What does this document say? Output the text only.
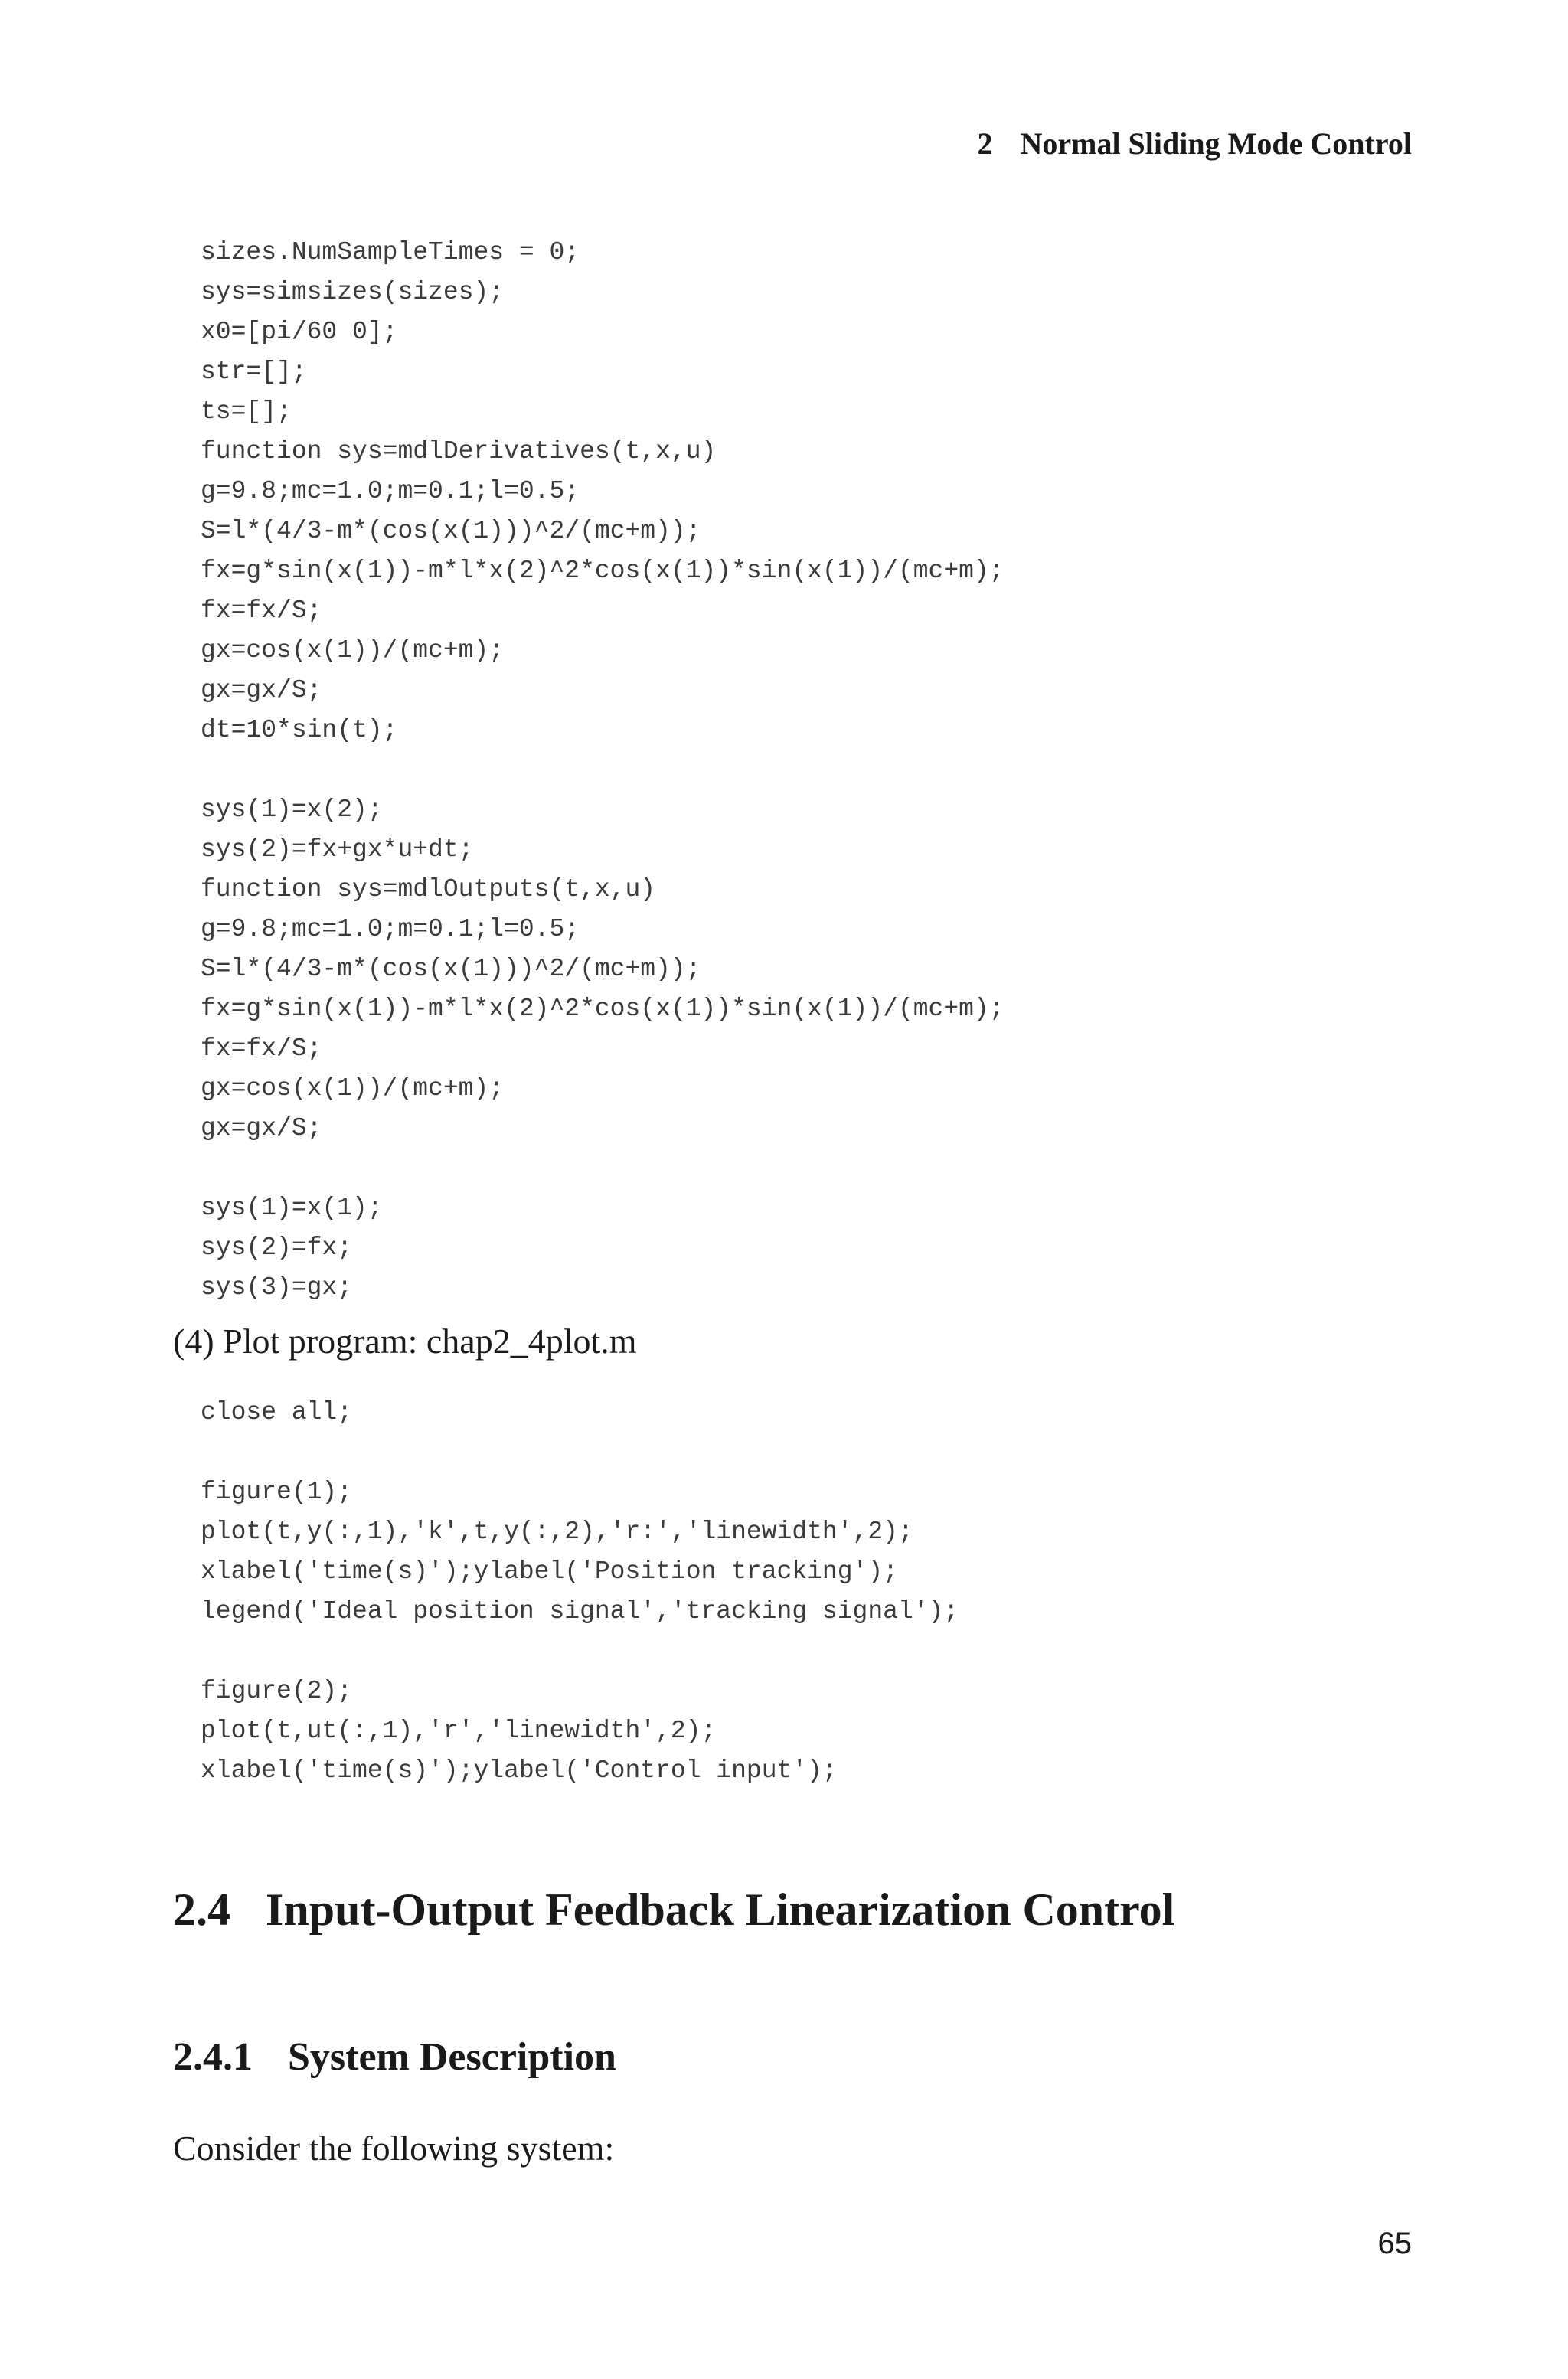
2 Normal Sliding Mode Control
sizes.NumSampleTimes = 0;
sys=simsizes(sizes);
x0=[pi/60 0];
str=[];
ts=[];
function sys=mdlDerivatives(t,x,u)
g=9.8;mc=1.0;m=0.1;l=0.5;
S=l*(4/3-m*(cos(x(1)))^2/(mc+m));
fx=g*sin(x(1))-m*l*x(2)^2*cos(x(1))*sin(x(1))/(mc+m);
fx=fx/S;
gx=cos(x(1))/(mc+m);
gx=gx/S;
dt=10*sin(t);
sys(1)=x(2);
sys(2)=fx+gx*u+dt;
function sys=mdlOutputs(t,x,u)
g=9.8;mc=1.0;m=0.1;l=0.5;
S=l*(4/3-m*(cos(x(1)))^2/(mc+m));
fx=g*sin(x(1))-m*l*x(2)^2*cos(x(1))*sin(x(1))/(mc+m);
fx=fx/S;
gx=cos(x(1))/(mc+m);
gx=gx/S;
sys(1)=x(1);
sys(2)=fx;
sys(3)=gx;
(4) Plot program: chap2_4plot.m
close all;
figure(1);
plot(t,y(:,1),'k',t,y(:,2),'r:','linewidth',2);
xlabel('time(s)');ylabel('Position tracking');
legend('Ideal position signal','tracking signal');
figure(2);
plot(t,ut(:,1),'r','linewidth',2);
xlabel('time(s)');ylabel('Control input');
2.4 Input-Output Feedback Linearization Control
2.4.1 System Description

Consider the following system:

65
